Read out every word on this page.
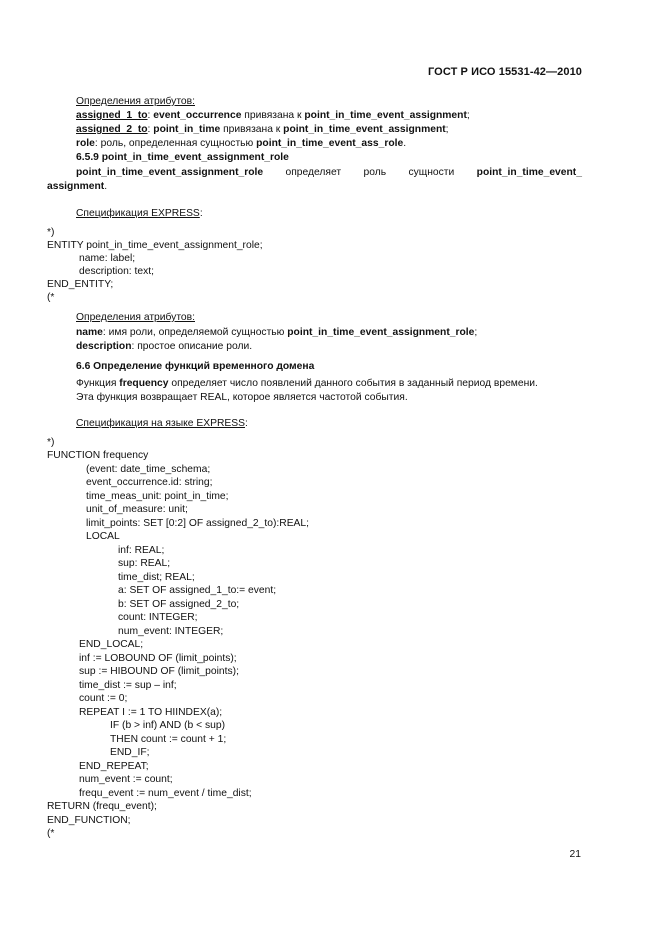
ГОСТ Р ИСО 15531-42—2010
Определения атрибутов:
assigned_1_to: event_occurrence привязана к point_in_time_event_assignment;
assigned_2_to: point_in_time привязана к point_in_time_event_assignment;
role: роль, определенная сущностью point_in_time_event_ass_role.
6.5.9 point_in_time_event_assignment_role
point_in_time_event_assignment_role определяет роль сущности point_in_time_event_
assignment.
Спецификация EXPRESS:
*)
ENTITY point_in_time_event_assignment_role;
name: label;
description: text;
END_ENTITY;
(*
Определения атрибутов:
name: имя роли, определяемой сущностью point_in_time_event_assignment_role;
description: простое описание роли.
6.6 Определение функций временного домена
Функция frequency определяет число появлений данного события в заданный период времени.
Эта функция возвращает REAL, которое является частотой события.
Спецификация на языке EXPRESS:
*)
FUNCTION frequency
(event: date_time_schema;
event_occurrence.id: string;
time_meas_unit: point_in_time;
unit_of_measure: unit;
limit_points: SET [0:2] OF assigned_2_to):REAL;
LOCAL
inf: REAL;
sup: REAL;
time_dist; REAL;
a: SET OF assigned_1_to:= event;
b: SET OF assigned_2_to;
count: INTEGER;
num_event: INTEGER;
END_LOCAL;
inf := LOBOUND OF (limit_points);
sup := HIBOUND OF (limit_points);
time_dist := sup – inf;
count := 0;
REPEAT I := 1 TO HIINDEX(a);
IF (b > inf) AND (b < sup)
THEN count := count + 1;
END_IF;
END_REPEAT;
num_event := count;
frequ_event := num_event / time_dist;
RETURN (frequ_event);
END_FUNCTION;
(*
21
